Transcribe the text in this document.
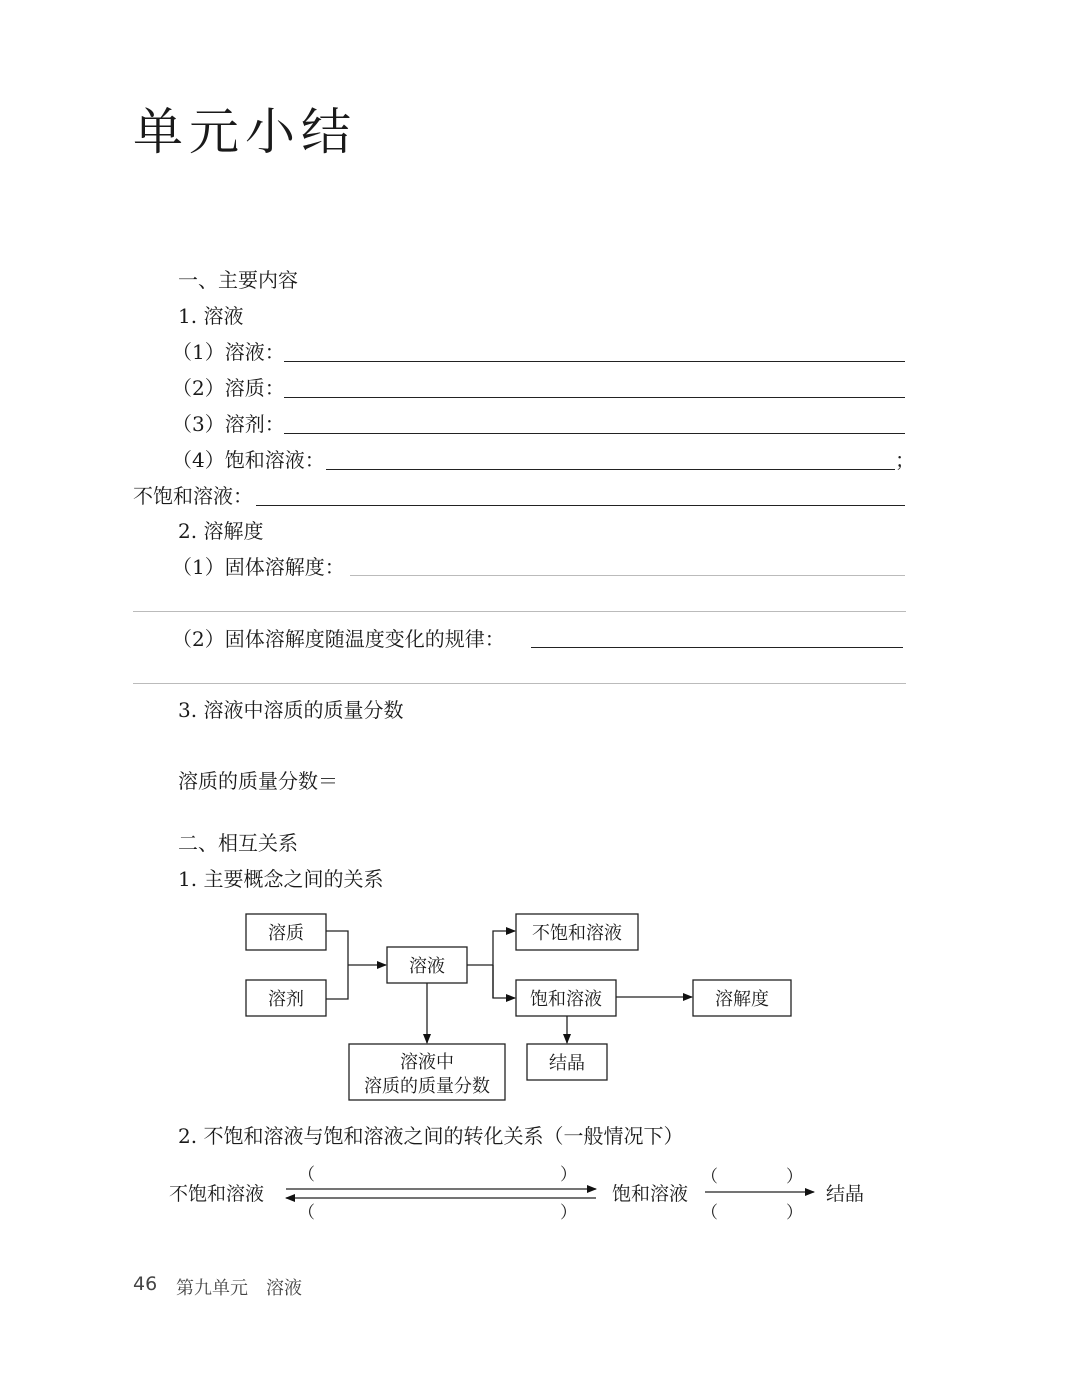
单元小结
一、主要内容
1. 溶液
（1）溶液：
（2）溶质：
（3）溶剂：
（4）饱和溶液：	；
不饱和溶液：
2. 溶解度
（1）固体溶解度：
（2）固体溶解度随温度变化的规律：
3. 溶液中溶质的质量分数
溶质的质量分数＝
二、相互关系
1. 主要概念之间的关系
溶质
溶剂
溶液
不饱和溶液
饱和溶液	溶解度
结晶
溶液中
溶质的质量分数
2. 不饱和溶液与饱和溶液之间的转化关系（一般情况下）
不饱和溶液	饱和溶液	结晶
（	）
（	）
（	）
（	）
46 第九单元　溶液
